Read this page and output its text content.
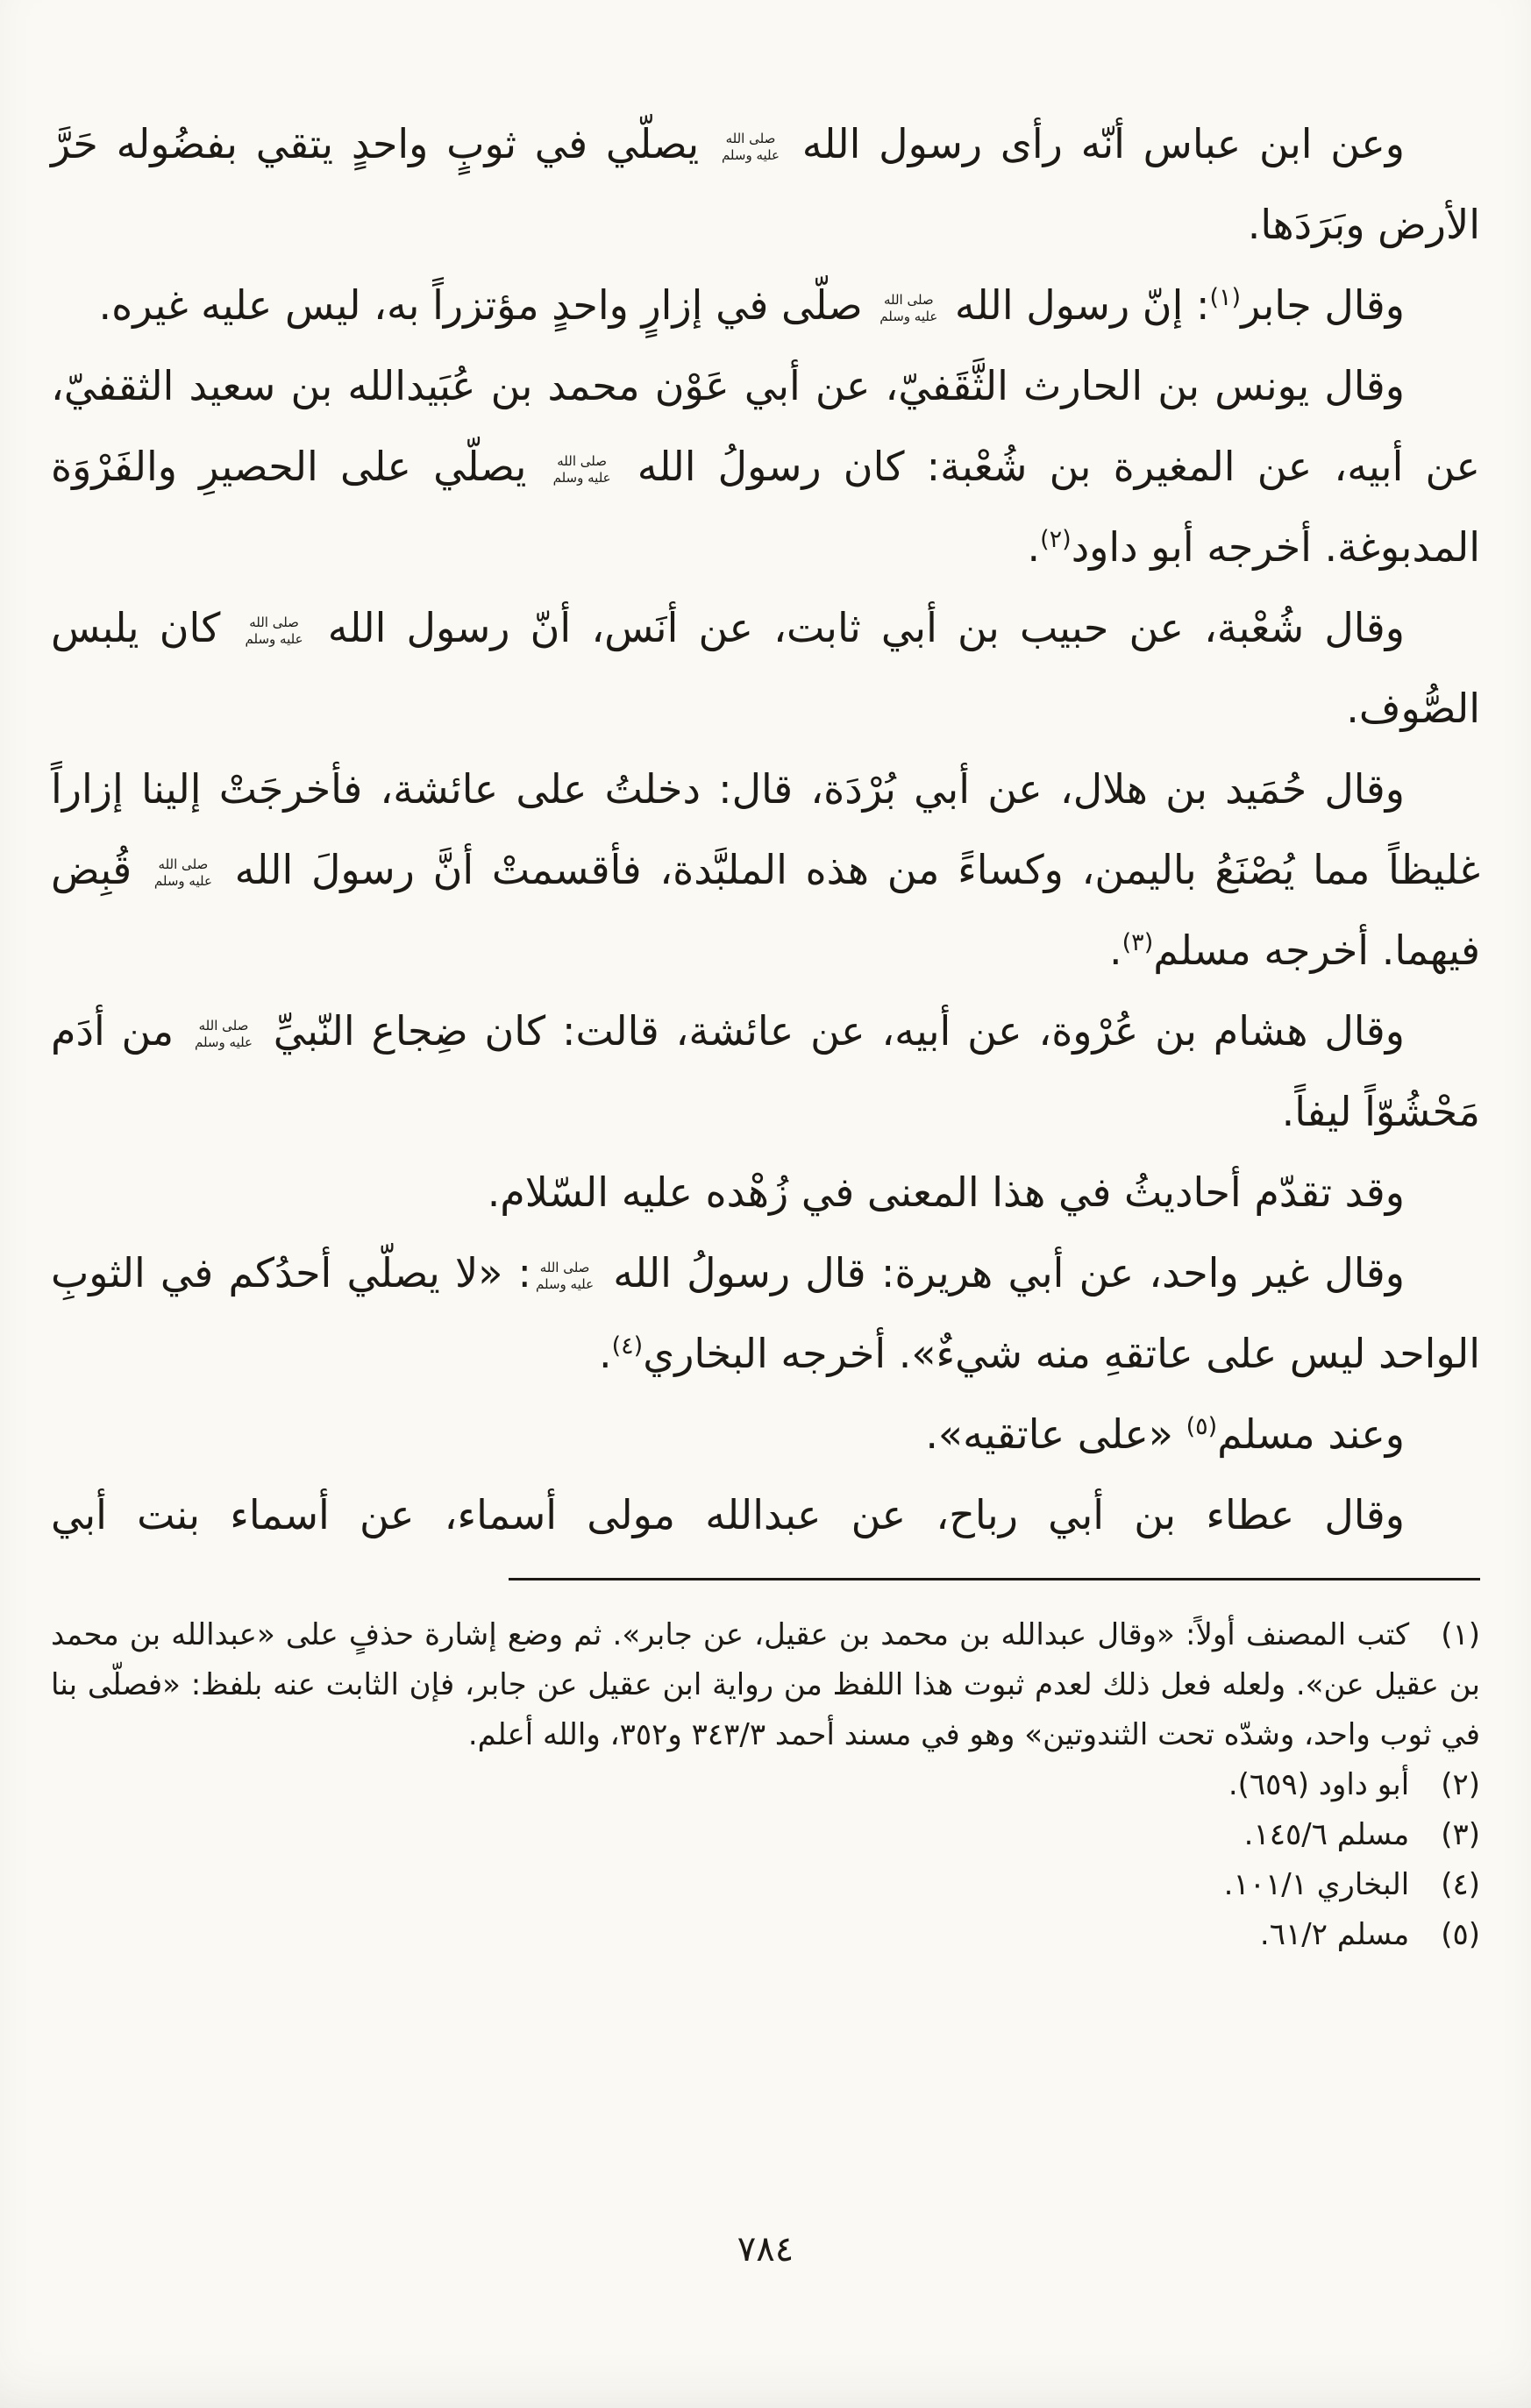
وعن ابن عباس أنّه رأى رسول الله صلى الله عليه وسلم يصلّي في ثوبٍ واحدٍ يتقي بفضُوله حَرَّ الأرض وبَرَدَها.

وقال جابر$^{(١)}$: إنّ رسول الله صلى الله عليه وسلم صلّى في إزارٍ واحدٍ مؤتزراً به، ليس عليه غيره.

وقال يونس بن الحارث الثَّقَفيّ، عن أبي عَوْن محمد بن عُبَيدالله بن سعيد الثقفيّ، عن أبيه، عن المغيرة بن شُعْبة: كان رسولُ الله صلى الله عليه وسلم يصلّي على الحصيرِ والفَرْوَة المدبوغة. أخرجه أبو داود$^{(٢)}$.

وقال شُعْبة، عن حبيب بن أبي ثابت، عن أنَس، أنّ رسول الله صلى الله عليه وسلم كان يلبس الصُّوف.

وقال حُمَيد بن هلال، عن أبي بُرْدَة، قال: دخلتُ على عائشة، فأخرجَتْ إلينا إزاراً غليظاً مما يُصْنَعُ باليمن، وكساءً من هذه الملبَّدة، فأقسمتْ أنَّ رسولَ الله صلى الله عليه وسلم قُبِض فيهما. أخرجه مسلم$^{(٣)}$.

وقال هشام بن عُرْوة، عن أبيه، عن عائشة، قالت: كان ضِجاع النّبيِّ صلى الله عليه وسلم من أدَم مَحْشُوّاً ليفاً.

وقد تقدّم أحاديثُ في هذا المعنى في زُهْده عليه السّلام.

وقال غير واحد، عن أبي هريرة: قال رسولُ الله صلى الله عليه وسلم: «لا يصلّي أحدُكم في الثوبِ الواحد ليس على عاتقهِ منه شيءٌ». أخرجه البخاري$^{(٤)}$.

وعند مسلم$^{(٥)}$ «على عاتقيه».

وقال عطاء بن أبي رباح، عن عبدالله مولى أسماء، عن أسماء بنت أبي

(١)كتب المصنف أولاً: «وقال عبدالله بن محمد بن عقيل، عن جابر». ثم وضع إشارة حذفٍ على «عبدالله بن محمد بن عقيل عن». ولعله فعل ذلك لعدم ثبوت هذا اللفظ من رواية ابن عقيل عن جابر، فإن الثابت عنه بلفظ: «فصلّى بنا في ثوب واحد، وشدّه تحت الثندوتين» وهو في مسند أحمد ٣٤٣/٣ و٣٥٢، والله أعلم.
(٢)أبو داود (٦٥٩).
(٣)مسلم ١٤٥/٦.
(٤)البخاري ١٠١/١.
(٥)مسلم ٦١/٢.
٧٨٤
